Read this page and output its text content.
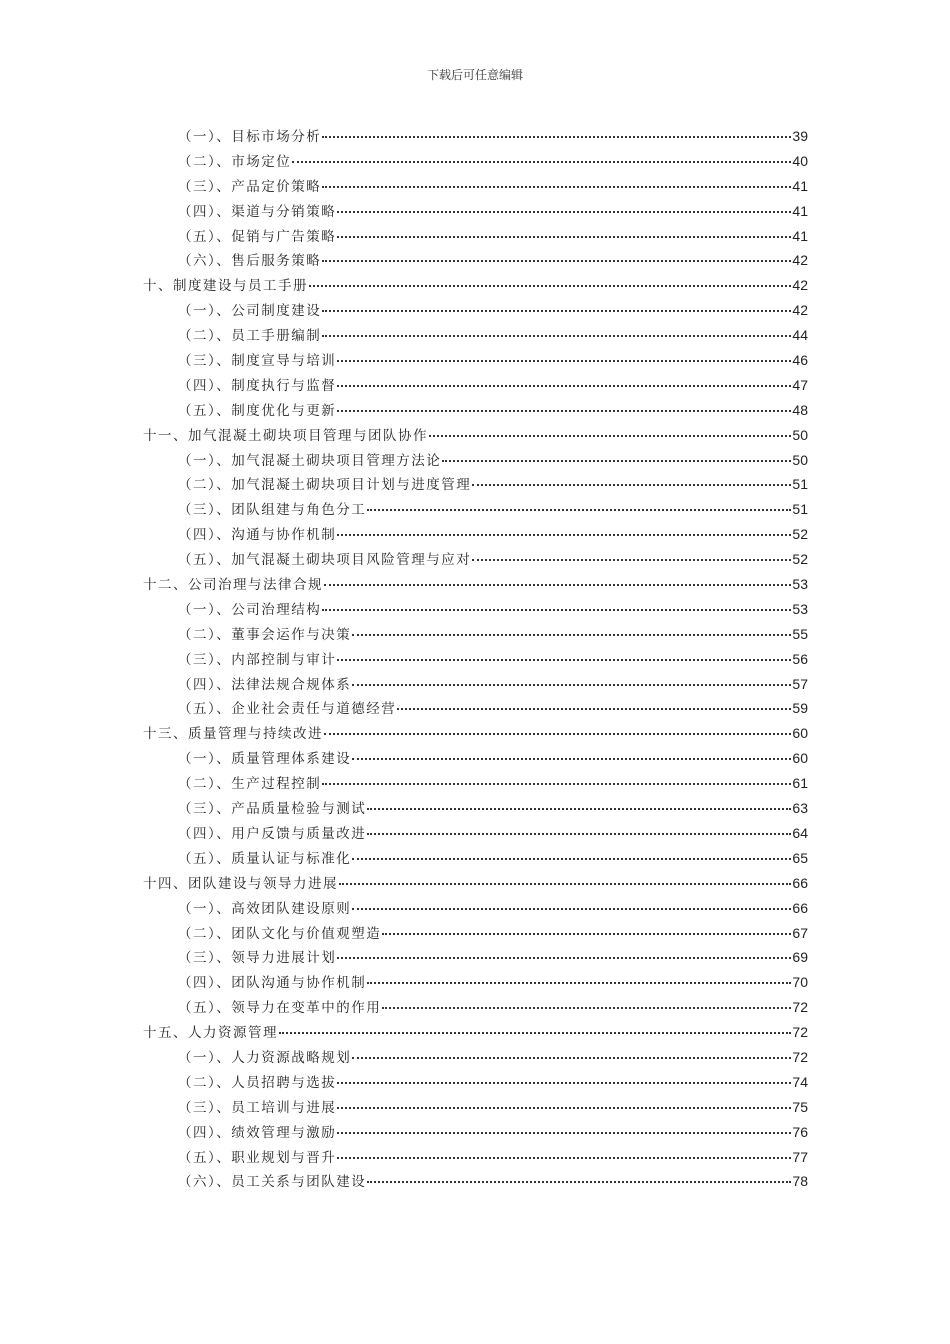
下载后可任意编辑
（一）、目标市场分析	39
（二）、市场定位	40
（三）、产品定价策略	41
（四）、渠道与分销策略	41
（五）、促销与广告策略	41
（六）、售后服务策略	42
十、制度建设与员工手册	42
（一）、公司制度建设	42
（二）、员工手册编制	44
（三）、制度宣导与培训	46
（四）、制度执行与监督	47
（五）、制度优化与更新	48
十一、加气混凝土砌块项目管理与团队协作	50
（一）、加气混凝土砌块项目管理方法论	50
（二）、加气混凝土砌块项目计划与进度管理	51
（三）、团队组建与角色分工	51
（四）、沟通与协作机制	52
（五）、加气混凝土砌块项目风险管理与应对	52
十二、公司治理与法律合规	53
（一）、公司治理结构	53
（二）、董事会运作与决策	55
（三）、内部控制与审计	56
（四）、法律法规合规体系	57
（五）、企业社会责任与道德经营	59
十三、质量管理与持续改进	60
（一）、质量管理体系建设	60
（二）、生产过程控制	61
（三）、产品质量检验与测试	63
（四）、用户反馈与质量改进	64
（五）、质量认证与标准化	65
十四、团队建设与领导力进展	66
（一）、高效团队建设原则	66
（二）、团队文化与价值观塑造	67
（三）、领导力进展计划	69
（四）、团队沟通与协作机制	70
（五）、领导力在变革中的作用	72
十五、人力资源管理	72
（一）、人力资源战略规划	72
（二）、人员招聘与选拔	74
（三）、员工培训与进展	75
（四）、绩效管理与激励	76
（五）、职业规划与晋升	77
（六）、员工关系与团队建设	78
